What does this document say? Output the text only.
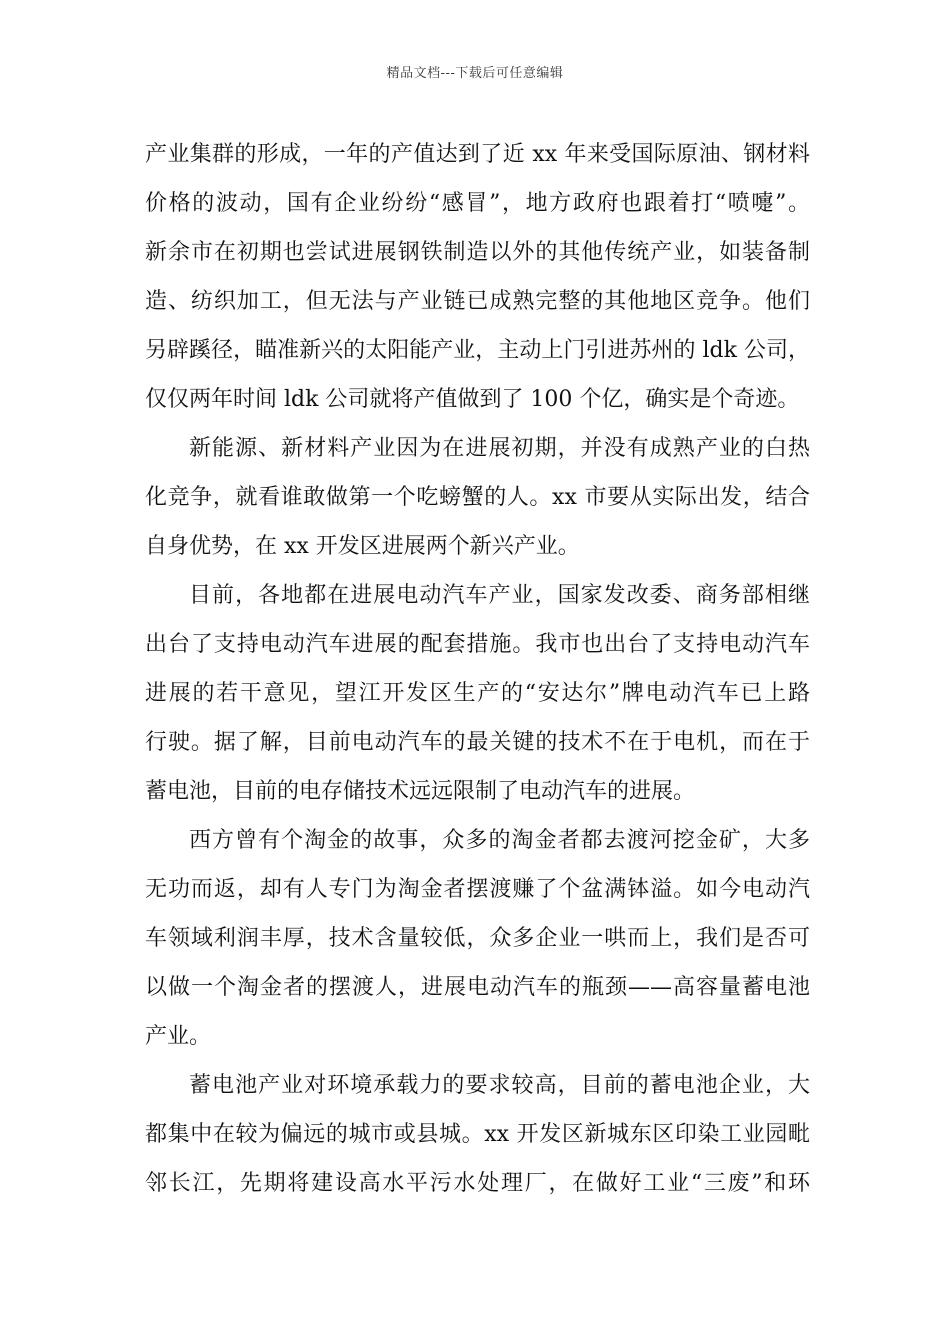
精品文档---下载后可任意编辑
产业集群的形成，一年的产值达到了近 xx 年来受国际原油、钢材料
价格的波动，国有企业纷纷“感冒”，地方政府也跟着打“喷嚏”。
新余市在初期也尝试进展钢铁制造以外的其他传统产业，如装备制
造、纺织加工，但无法与产业链已成熟完整的其他地区竞争。他们
另辟蹊径，瞄准新兴的太阳能产业，主动上门引进苏州的 ldk 公司，
仅仅两年时间 ldk 公司就将产值做到了 100 个亿，确实是个奇迹。
新能源、新材料产业因为在进展初期，并没有成熟产业的白热
化竞争，就看谁敢做第一个吃螃蟹的人。xx 市要从实际出发，结合
自身优势，在 xx 开发区进展两个新兴产业。
目前，各地都在进展电动汽车产业，国家发改委、商务部相继
出台了支持电动汽车进展的配套措施。我市也出台了支持电动汽车
进展的若干意见，望江开发区生产的“安达尔”牌电动汽车已上路
行驶。据了解，目前电动汽车的最关键的技术不在于电机，而在于
蓄电池，目前的电存储技术远远限制了电动汽车的进展。
西方曾有个淘金的故事，众多的淘金者都去渡河挖金矿，大多
无功而返，却有人专门为淘金者摆渡赚了个盆满钵溢。如今电动汽
车领域利润丰厚，技术含量较低，众多企业一哄而上，我们是否可
以做一个淘金者的摆渡人，进展电动汽车的瓶颈——高容量蓄电池
产业。
蓄电池产业对环境承载力的要求较高，目前的蓄电池企业，大
都集中在较为偏远的城市或县城。xx 开发区新城东区印染工业园毗
邻长江，先期将建设高水平污水处理厂，在做好工业“三废”和环
